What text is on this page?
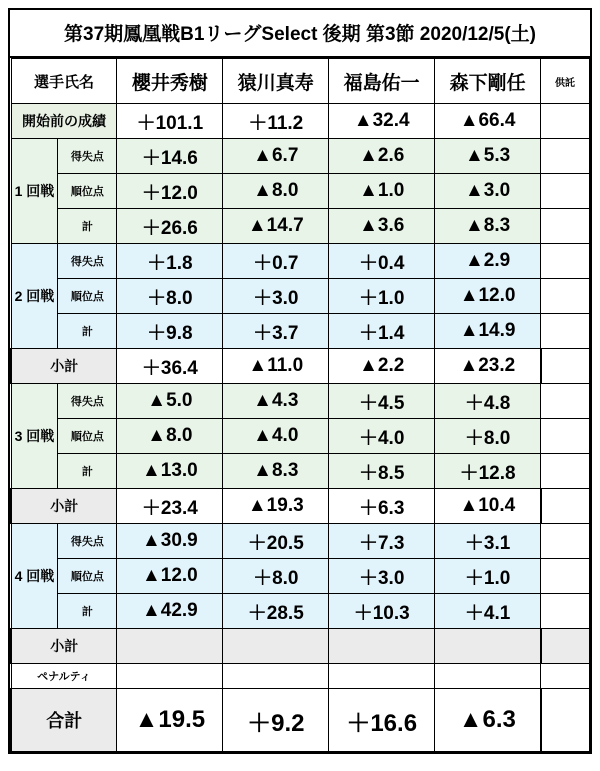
第37期鳳凰戦B1リーグSelect 後期 第3節 2020/12/5(土)
選手氏名		櫻井秀樹	猿川真寿	福島佑一	森下剛任	供託
開始前の成績		＋101.1	＋11.2	▲32.4	▲66.4	
1 回戦	得失点	＋14.6	▲6.7	▲2.6	▲5.3	
	順位点	＋12.0	▲8.0	▲1.0	▲3.0	
	計	＋26.6	▲14.7	▲3.6	▲8.3	
2 回戦	得失点	＋1.8	＋0.7	＋0.4	▲2.9	
	順位点	＋8.0	＋3.0	＋1.0	▲12.0	
	計	＋9.8	＋3.7	＋1.4	▲14.9	
小計		＋36.4	▲11.0	▲2.2	▲23.2	
3 回戦	得失点	▲5.0	▲4.3	＋4.5	＋4.8	
	順位点	▲8.0	▲4.0	＋4.0	＋8.0	
	計	▲13.0	▲8.3	＋8.5	＋12.8	
小計		＋23.4	▲19.3	＋6.3	▲10.4	
4 回戦	得失点	▲30.9	＋20.5	＋7.3	＋3.1	
	順位点	▲12.0	＋8.0	＋3.0	＋1.0	
	計	▲42.9	＋28.5	＋10.3	＋4.1	
小計						
ペナルティ						
合計		▲19.5	＋9.2	＋16.6	▲6.3	
